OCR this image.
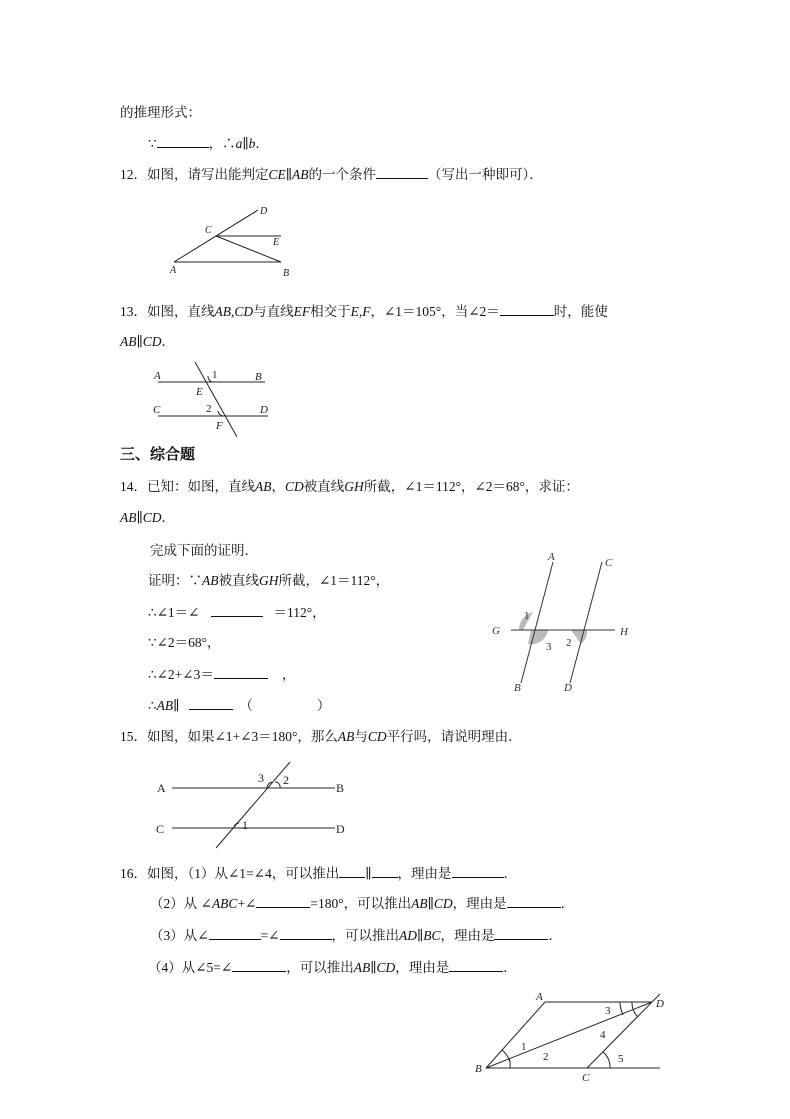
的推理形式：
∵	，∴a∥b．
12．如图，请写出能判定CE∥AB的一个条件	（写出一种即可）．
A	B
C
D
E
13．如图，直线AB,CD与直线EF相交于E,F，∠1＝105°，当∠2＝	时，能使
AB∥CD．
A	B
C	D
E
F
1
2
三、综合题
14．已知：如图，直线AB，CD被直线GH所截，∠1＝112°，∠2＝68°，求证：
AB∥CD．
完成下面的证明．
证明：∵AB被直线GH所截，∠1＝112°，
∴∠1＝∠	＝112°，
∵∠2＝68°，
∴∠2+∠3＝	，
∴AB∥	（	）
A
B
C
D
G	H
1
2
3
15．如图，如果∠1+∠3＝180°，那么AB与CD平行吗，请说明理由．
A	B
C	D
1
2
3
16．如图，（1）从∠1=∠4，可以推出 ∥ ，理由是	．
（2）从 ∠ABC+∠	=180°，可以推出AB∥CD，理由是	．
（3）从∠	=∠	，可以推出AD∥BC，理由是	．
（4）从∠5=∠	，可以推出AB∥CD，理由是	．
A
B
C
D
1
2
3
4
5
